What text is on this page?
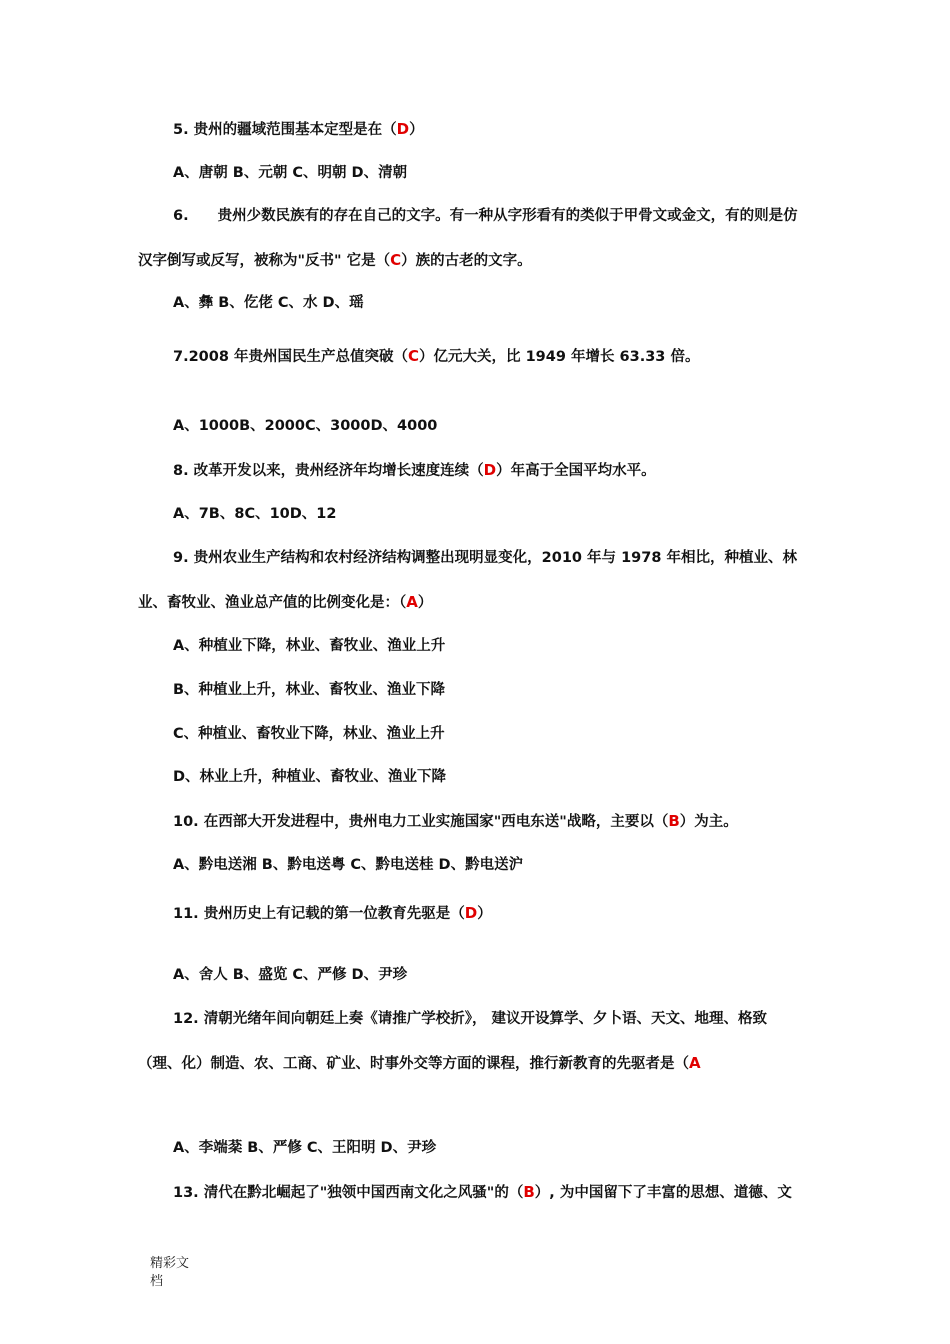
5. 贵州的疆域范围基本定型是在（D）
A、唐朝 B、元朝 C、明朝 D、清朝
6.　　贵州少数民族有的存在自己的文字。有一种从字形看有的类似于甲骨文或金文，有的则是仿
汉字倒写或反写，被称为"反书" 它是（C）族的古老的文字。
A、彝 B、仡佬 C、水 D、瑶
7.2008 年贵州国民生产总值突破（C）亿元大关，比 1949 年增长 63.33 倍。
A、1000B、2000C、3000D、4000
8. 改革开发以来，贵州经济年均增长速度连续（D）年高于全国平均水平。
A、7B、8C、10D、12
9. 贵州农业生产结构和农村经济结构调整出现明显变化，2010 年与 1978 年相比，种植业、林
业、畜牧业、渔业总产值的比例变化是：（A）
A、种植业下降，林业、畜牧业、渔业上升
B、种植业上升，林业、畜牧业、渔业下降
C、种植业、畜牧业下降，林业、渔业上升
D、林业上升，种植业、畜牧业、渔业下降
10. 在西部大开发进程中，贵州电力工业实施国家"西电东送"战略，主要以（B）为主。
A、黔电送湘 B、黔电送粤 C、黔电送桂 D、黔电送沪
11. 贵州历史上有记载的第一位教育先驱是（D）
A、舍人 B、盛览 C、严修 D、尹珍
12. 清朝光绪年间向朝廷上奏《请推广学校折》， 建议开设算学、夕卜语、天文、地理、格致
（理、化）制造、农、工商、矿业、时事外交等方面的课程，推行新教育的先驱者是（A
A、李端棻 B、严修 C、王阳明 D、尹珍
13. 清代在黔北崛起了"独领中国西南文化之风骚"的（B）, 为中国留下了丰富的思想、道德、文
精彩文
档
